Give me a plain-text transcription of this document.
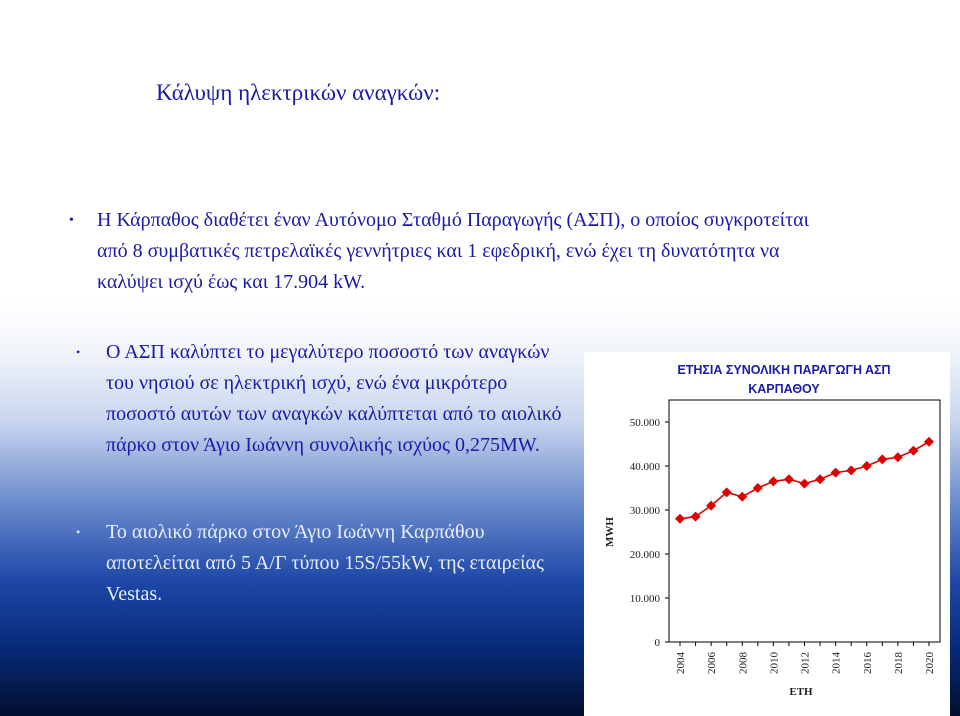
Κάλυψη ηλεκτρικών αναγκών:
• Η Κάρπαθος διαθέτει έναν Αυτόνομο Σταθμό Παραγωγής (ΑΣΠ), ο οποίος συγκροτείται από 8 συμβατικές πετρελαϊκές γεννήτριες και 1 εφεδρική, ενώ έχει τη δυνατότητα να καλύψει ισχύ έως και 17.904 kW.
• Ο ΑΣΠ καλύπτει το μεγαλύτερο ποσοστό των αναγκών του νησιού σε ηλεκτρική ισχύ, ενώ ένα μικρότερο ποσοστό αυτών των αναγκών καλύπτεται από το αιολικό πάρκο στον Άγιο Ιωάννη συνολικής ισχύος 0,275MW.
• Το αιολικό πάρκο στον Άγιο Ιωάννη Καρπάθου αποτελείται από 5 Α/Γ τύπου 15S/55kW, της εταιρείας Vestas.
ΕΤΗΣΙΑ ΣΥΝΟΛΙΚΗ ΠΑΡΑΓΩΓΗ ΑΣΠ
ΚΑΡΠΑΘΟΥ
MWH
ΕΤΗ
0
10.000
20.000
30.000
40.000
50.000
2004 2006 2008 2010 2012 2014 2016 2018 2020
